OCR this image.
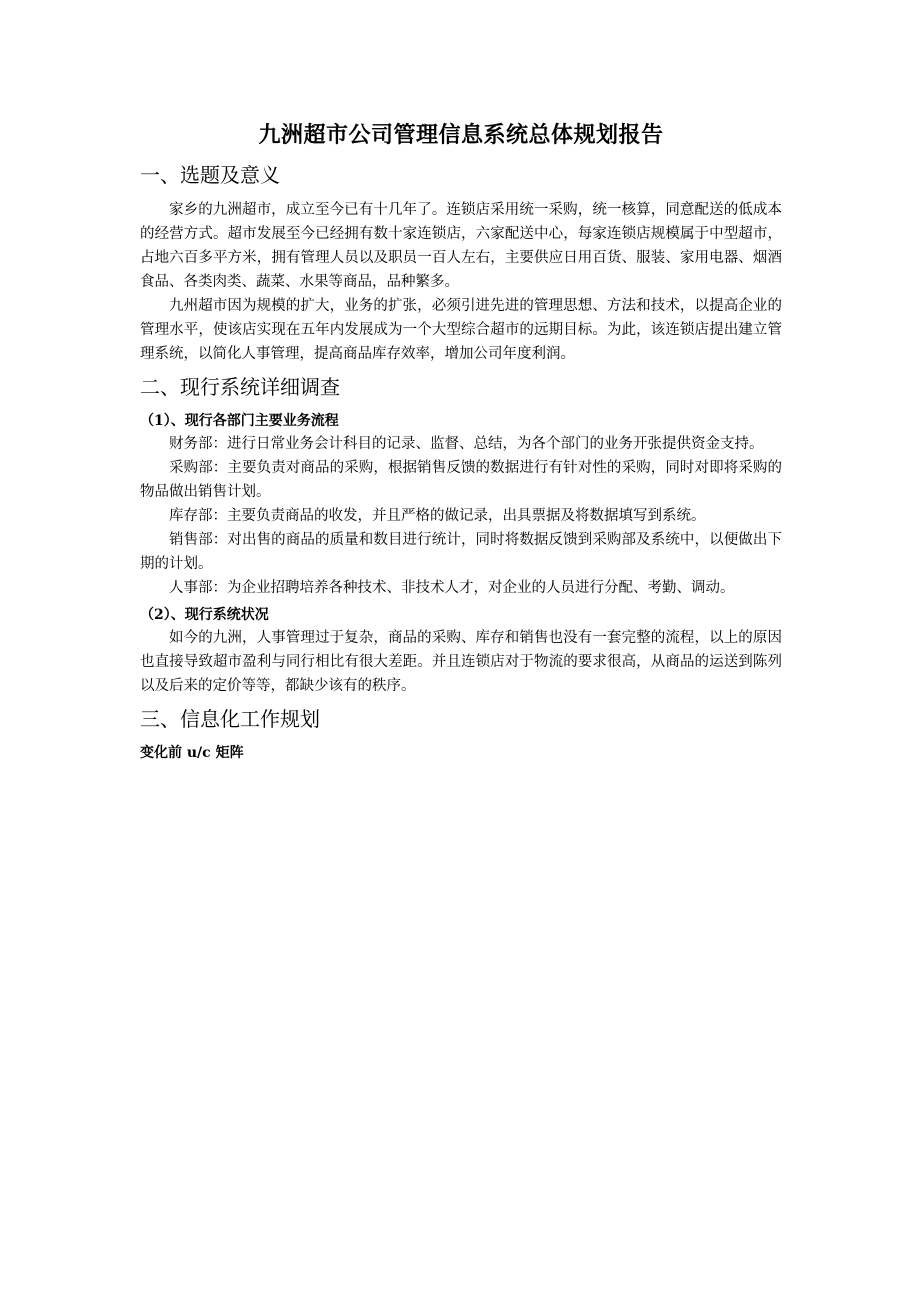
九洲超市公司管理信息系统总体规划报告
一、选题及意义

家乡的九洲超市，成立至今已有十几年了。连锁店采用统一采购，统一核算，同意配送的低成本的经营方式。超市发展至今已经拥有数十家连锁店，六家配送中心，每家连锁店规模属于中型超市，占地六百多平方米，拥有管理人员以及职员一百人左右，主要供应日用百货、服装、家用电器、烟酒食品、各类肉类、蔬菜、水果等商品，品种繁多。

九州超市因为规模的扩大，业务的扩张，必须引进先进的管理思想、方法和技术，以提高企业的管理水平，使该店实现在五年内发展成为一个大型综合超市的远期目标。为此，该连锁店提出建立管理系统，以简化人事管理，提高商品库存效率，增加公司年度利润。

二、现行系统详细调查
（1）、现行各部门主要业务流程

财务部：进行日常业务会计科目的记录、监督、总结，为各个部门的业务开张提供资金支持。

采购部：主要负责对商品的采购，根据销售反馈的数据进行有针对性的采购，同时对即将采购的物品做出销售计划。

库存部：主要负责商品的收发，并且严格的做记录，出具票据及将数据填写到系统。

销售部：对出售的商品的质量和数目进行统计，同时将数据反馈到采购部及系统中，以便做出下期的计划。

人事部：为企业招聘培养各种技术、非技术人才，对企业的人员进行分配、考勤、调动。

（2）、现行系统状况

如今的九洲，人事管理过于复杂，商品的采购、库存和销售也没有一套完整的流程，以上的原因也直接导致超市盈利与同行相比有很大差距。并且连锁店对于物流的要求很高，从商品的运送到陈列以及后来的定价等等，都缺少该有的秩序。

三、信息化工作规划
变化前 u/c 矩阵
